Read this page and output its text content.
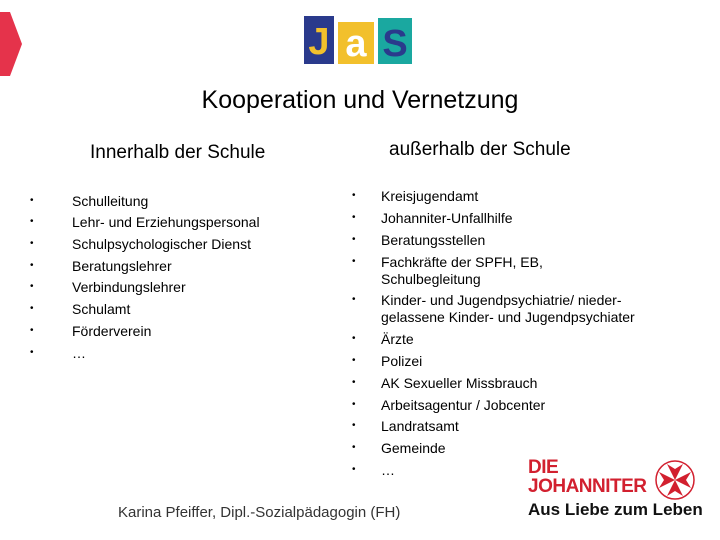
J a S
Kooperation und Vernetzung
Innerhalb der Schule	außerhalb der Schule
•	Schulleitung
•	Lehr- und Erziehungspersonal
•	Schulpsychologischer Dienst
•	Beratungslehrer
•	Verbindungslehrer
•	Schulamt
•	Förderverein
•	…
• Kreisjugendamt
• Johanniter-Unfallhilfe
• Beratungsstellen
• Fachkräfte der SPFH, EB,
Schulbegleitung
• Kinder- und Jugendpsychiatrie/ nieder-
gelassene Kinder- und Jugendpsychiater
• Ärzte
• Polizei
• AK Sexueller Missbrauch
• Arbeitsagentur / Jobcenter
• Landratsamt
• Gemeinde
• …
Karina Pfeiffer, Dipl.-Sozialpädagogin (FH)
DIE
JOHANNITER
Aus Liebe zum Leben
